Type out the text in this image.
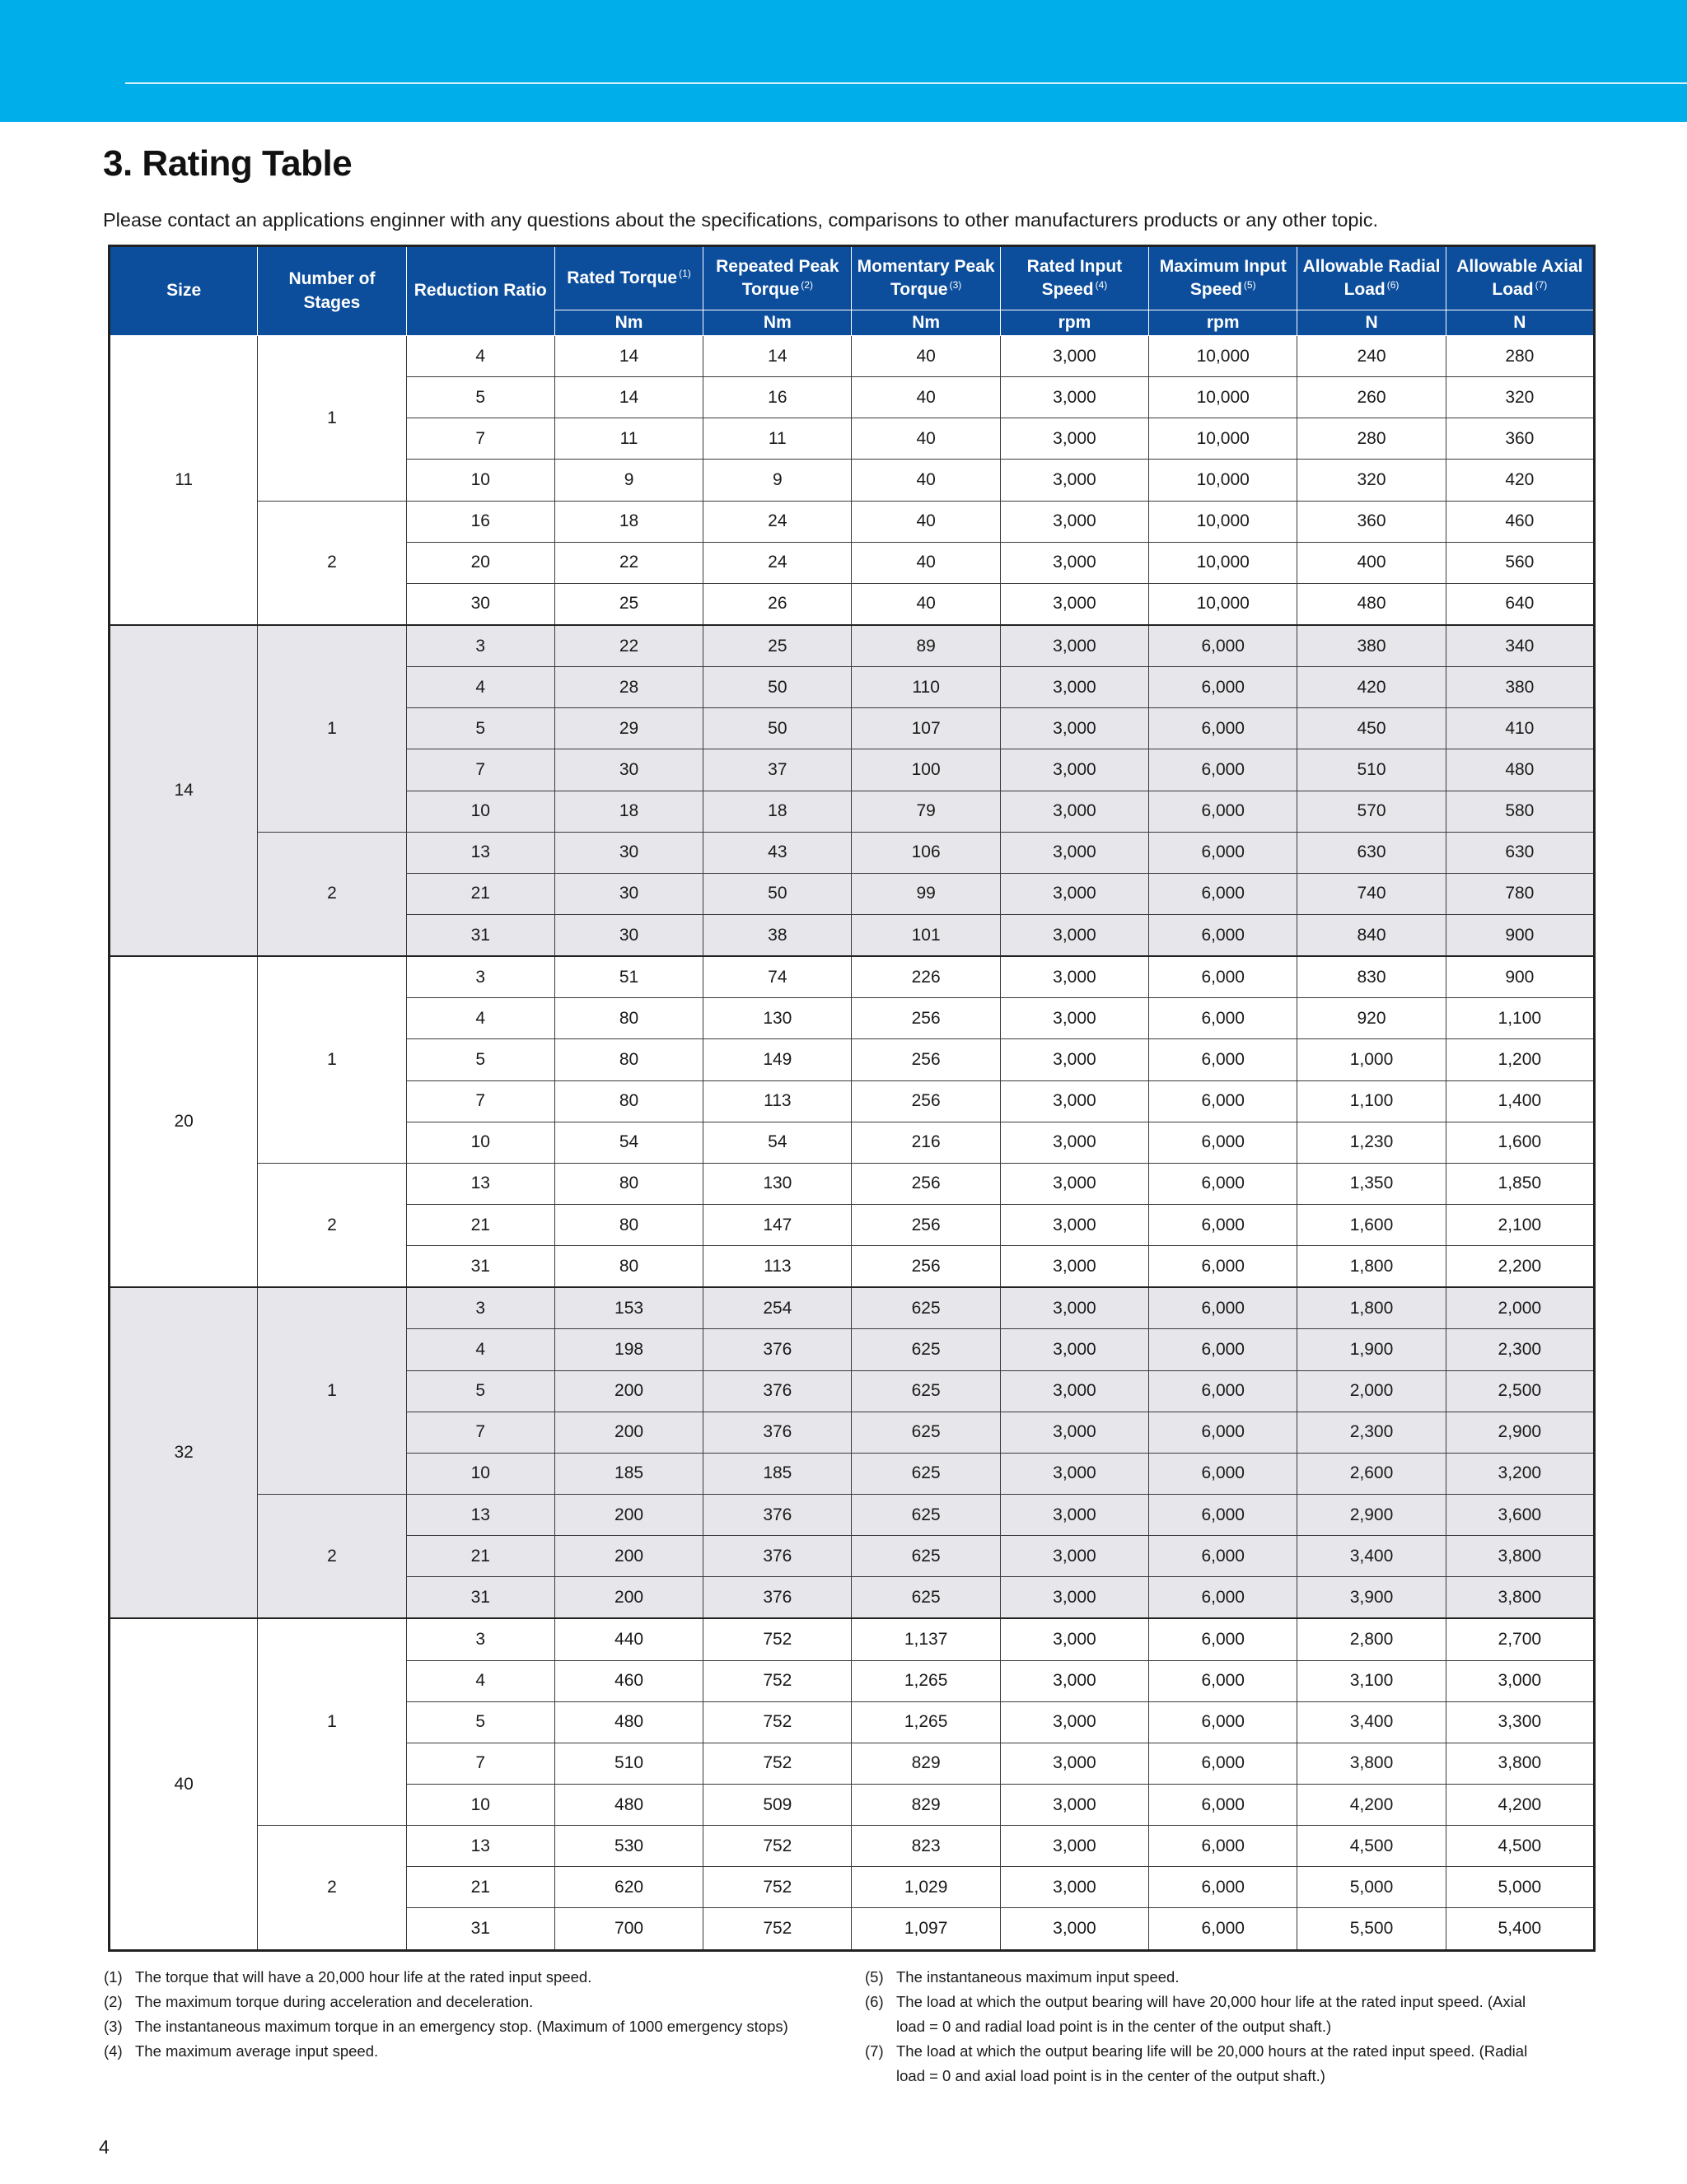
3. Rating Table
Please contact an applications enginner with any questions about the specifications, comparisons to other manufacturers products or any other topic.
Size	Number of Stages	Reduction Ratio	Rated Torque $^{(1)}$	Repeated Peak Torque $^{(2)}$	Momentary Peak Torque $^{(3)}$	Rated Input Speed $^{(4)}$	Maximum Input Speed $^{(5)}$	Allowable Radial Load $^{(6)}$	Allowable Axial Load $^{(7)}$
			Nm	Nm	Nm	rpm	rpm	N	N
11	1	4	14	14	40	3,000	10,000	240	280
		5	14	16	40	3,000	10,000	260	320
		7	11	11	40	3,000	10,000	280	360
		10	9	9	40	3,000	10,000	320	420
	2	16	18	24	40	3,000	10,000	360	460
		20	22	24	40	3,000	10,000	400	560
		30	25	26	40	3,000	10,000	480	640
14	1	3	22	25	89	3,000	6,000	380	340
		4	28	50	110	3,000	6,000	420	380
		5	29	50	107	3,000	6,000	450	410
		7	30	37	100	3,000	6,000	510	480
		10	18	18	79	3,000	6,000	570	580
	2	13	30	43	106	3,000	6,000	630	630
		21	30	50	99	3,000	6,000	740	780
		31	30	38	101	3,000	6,000	840	900
20	1	3	51	74	226	3,000	6,000	830	900
		4	80	130	256	3,000	6,000	920	1,100
		5	80	149	256	3,000	6,000	1,000	1,200
		7	80	113	256	3,000	6,000	1,100	1,400
		10	54	54	216	3,000	6,000	1,230	1,600
	2	13	80	130	256	3,000	6,000	1,350	1,850
		21	80	147	256	3,000	6,000	1,600	2,100
		31	80	113	256	3,000	6,000	1,800	2,200
32	1	3	153	254	625	3,000	6,000	1,800	2,000
		4	198	376	625	3,000	6,000	1,900	2,300
		5	200	376	625	3,000	6,000	2,000	2,500
		7	200	376	625	3,000	6,000	2,300	2,900
		10	185	185	625	3,000	6,000	2,600	3,200
	2	13	200	376	625	3,000	6,000	2,900	3,600
		21	200	376	625	3,000	6,000	3,400	3,800
		31	200	376	625	3,000	6,000	3,900	3,800
40	1	3	440	752	1,137	3,000	6,000	2,800	2,700
		4	460	752	1,265	3,000	6,000	3,100	3,000
		5	480	752	1,265	3,000	6,000	3,400	3,300
		7	510	752	829	3,000	6,000	3,800	3,800
		10	480	509	829	3,000	6,000	4,200	4,200
	2	13	530	752	823	3,000	6,000	4,500	4,500
		21	620	752	1,029	3,000	6,000	5,000	5,000
		31	700	752	1,097	3,000	6,000	5,500	5,400
(1) The torque that will have a 20,000 hour life at the rated input speed.
(2) The maximum torque during acceleration and deceleration.
(3) The instantaneous maximum torque in an emergency stop. (Maximum of 1000 emergency stops)
(4) The maximum average input speed.
(5) The instantaneous maximum input speed.
(6) The load at which the output bearing will have 20,000 hour life at the rated input speed. (Axial load = 0 and radial load point is in the center of the output shaft.)
(7) The load at which the output bearing life will be 20,000 hours at the rated input speed. (Radial load = 0 and axial load point is in the center of the output shaft.)
4
